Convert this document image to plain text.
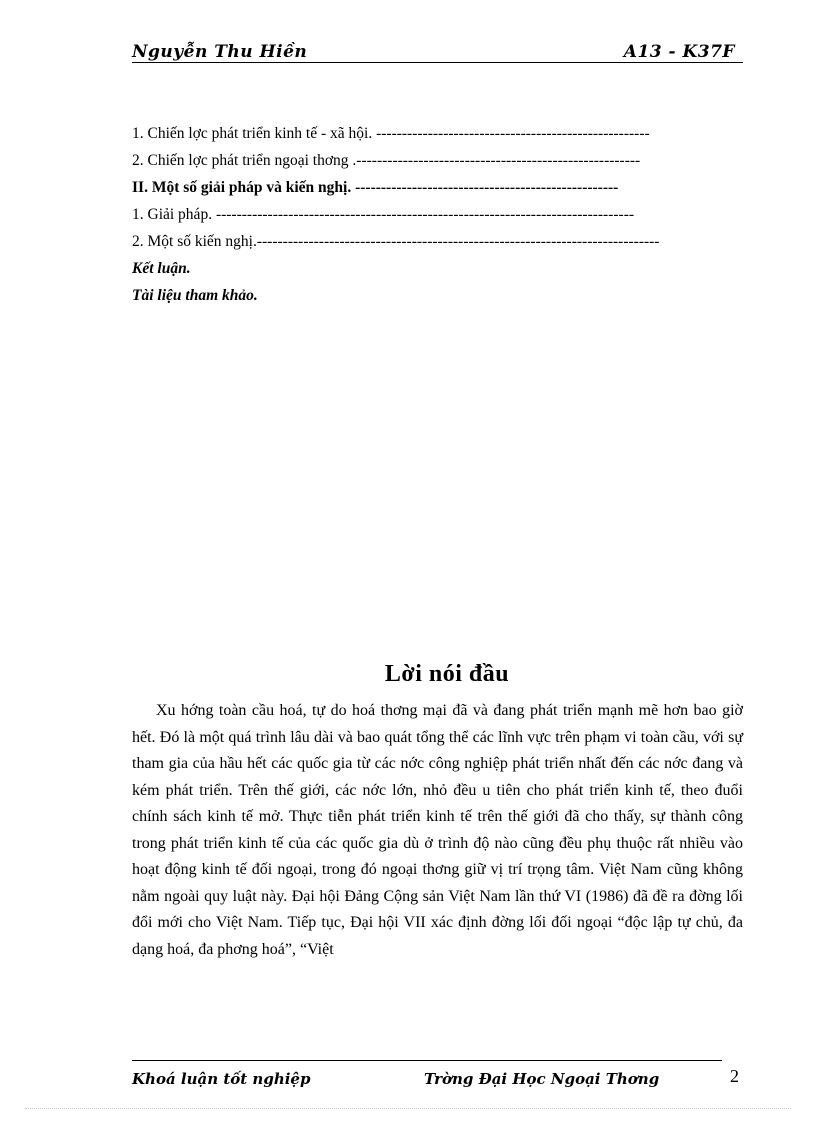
Nguyễn Thu Hiền	A13 - K37F
1. Chiến lợc phát triển kinh tế - xã hội. -----------------------------------------------------
2. Chiến lợc phát triển ngoại thơng .-------------------------------------------------------
II. Một số giải pháp và kiến nghị. ---------------------------------------------------
1. Giải pháp. ---------------------------------------------------------------------------------
2. Một số kiến nghị.------------------------------------------------------------------------------
Kết luận.
Tài liệu tham khảo.
Lời nói đầu

Xu hớng toàn cầu hoá, tự do hoá thơng mại đã và đang phát triển mạnh mẽ hơn bao giờ hết. Đó là một quá trình lâu dài và bao quát tổng thể các lĩnh vực trên phạm vi toàn cầu, với sự tham gia của hầu hết các quốc gia từ các nớc công nghiệp phát triển nhất đến các nớc đang và kém phát triển. Trên thế giới, các nớc lớn, nhỏ đều u tiên cho phát triển kinh tế, theo đuổi chính sách kinh tế mở. Thực tiễn phát triển kinh tế trên thế giới đã cho thấy, sự thành công trong phát triển kinh tế của các quốc gia dù ở trình độ nào cũng đều phụ thuộc rất nhiều vào hoạt động kinh tế đối ngoại, trong đó ngoại thơng giữ vị trí trọng tâm. Việt Nam cũng không nằm ngoài quy luật này. Đại hội Đảng Cộng sản Việt Nam lần thứ VI (1986) đã đề ra đờng lối đổi mới cho Việt Nam. Tiếp tục, Đại hội VII xác định đờng lối đối ngoại “độc lập tự chủ, đa dạng hoá, đa phơng hoá”, “Việt

Khoá luận tốt nghiệp	Trờng Đại Học Ngoại Thơng	2
